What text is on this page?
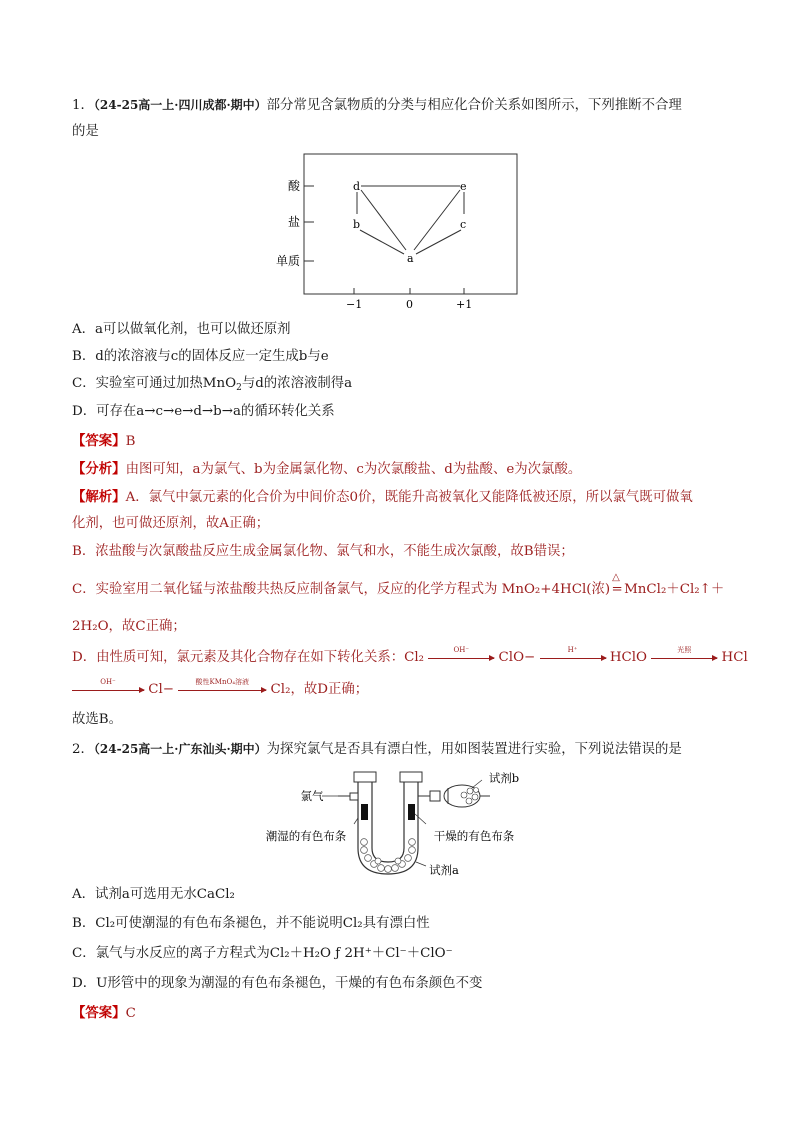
1．（24-25高一上·四川成都·期中）部分常见含氯物质的分类与相应化合价关系如图所示，下列推断不合理
的是
酸
盐
单质
−1	0	+1
d	e
b	c
a
A．a可以做氧化剂，也可以做还原剂
B．d的浓溶液与c的固体反应一定生成b与e
C．实验室可通过加热MnO$_2$与d的浓溶液制得a
D．可存在a→c→e→d→b→a的循环转化关系
【答案】B
【分析】由图可知，a为氯气、b为金属氯化物、c为次氯酸盐、d为盐酸、e为次氯酸。
【解析】A．氯气中氯元素的化合价为中间价态0价，既能升高被氧化又能降低被还原，所以氯气既可做氧
化剂，也可做还原剂，故A正确；
B．浓盐酸与次氯酸盐反应生成金属氯化物、氯气和水，不能生成次氯酸，故B错误；
C．实验室用二氧化锰与浓盐酸共热反应制备氯气，反应的化学方程式为 MnO₂+4HCl(浓)
△
=MnCl₂＋Cl₂↑＋
2H₂O，故C正确；
D．由性质可知，氯元素及其化合物存在如下转化关系：Cl₂	OH⁻	ClO−	H⁺	HClO	光照	HCl
OH⁻	Cl−	酸性KMnO₄溶液	Cl₂，故D正确；
故选B。
2．（24-25高一上·广东汕头·期中）为探究氯气是否具有漂白性，用如图装置进行实验，下列说法错误的是
氯气
试剂b
潮湿的有色布条	干燥的有色布条
试剂a
A．试剂a可选用无水CaCl₂
B．Cl₂可使潮湿的有色布条褪色，并不能说明Cl₂具有漂白性
C．氯气与水反应的离子方程式为Cl₂＋H₂O ƒ 2H⁺＋Cl⁻＋ClO⁻
D．U形管中的现象为潮湿的有色布条褪色，干燥的有色布条颜色不变
【答案】C
